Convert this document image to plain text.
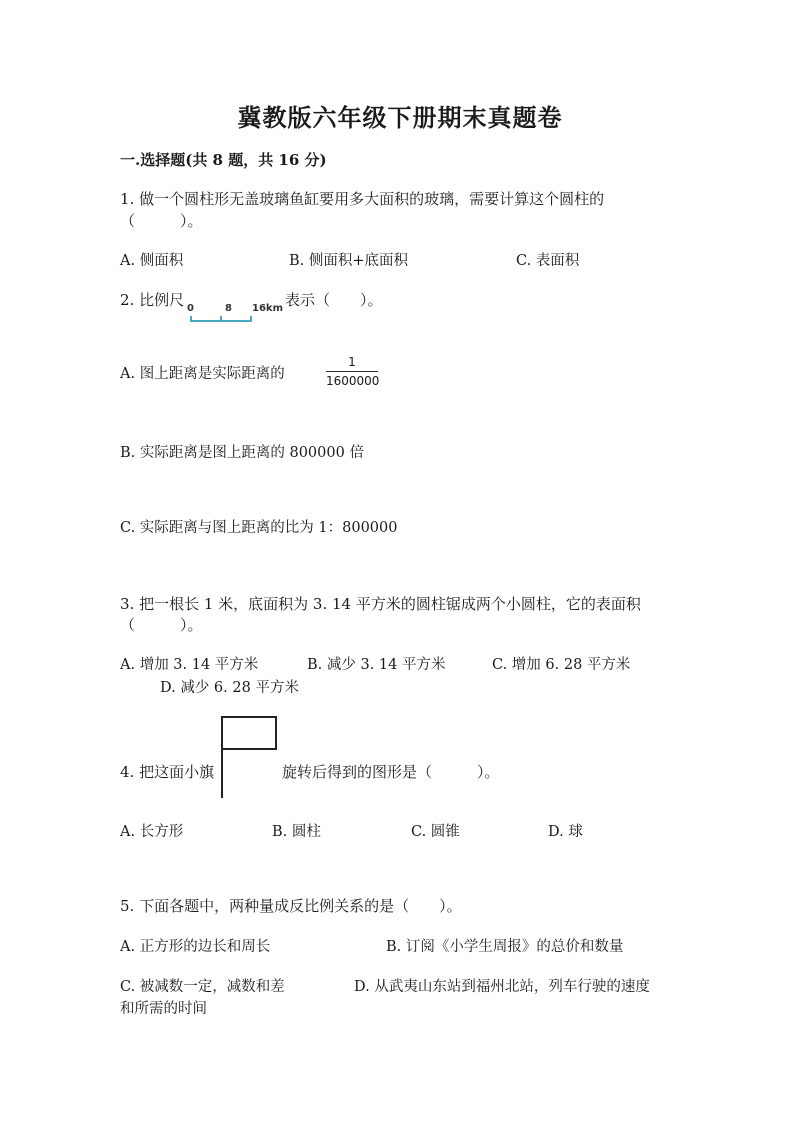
冀教版六年级下册期末真题卷
一.选择题(共 8 题，共 16 分)
1. 做一个圆柱形无盖玻璃鱼缸要用多大面积的玻璃，需要计算这个圆柱的
（　　　）。
A. 侧面积	B. 侧面积+底面积	C. 表面积
2. 比例尺 0	8 16km 表示（　　）。
A. 图上距离是实际距离的
1
1600000
B. 实际距离是图上距离的 800000 倍
C. 实际距离与图上距离的比为 1：800000
3. 把一根长 1 米，底面积为 3. 14 平方米的圆柱锯成两个小圆柱，它的表面积
（　　　）。
A. 增加 3. 14 平方米	B. 减少 3. 14 平方米	C. 增加 6. 28 平方米
D. 减少 6. 28 平方米
4. 把这面小旗	旋转后得到的图形是（　　　）。
A. 长方形	B. 圆柱	C. 圆锥	D. 球
5. 下面各题中，两种量成反比例关系的是（　　）。
A. 正方形的边长和周长	B. 订阅《小学生周报》的总价和数量
C. 被减数一定，减数和差	D. 从武夷山东站到福州北站，列车行驶的速度
和所需的时间
